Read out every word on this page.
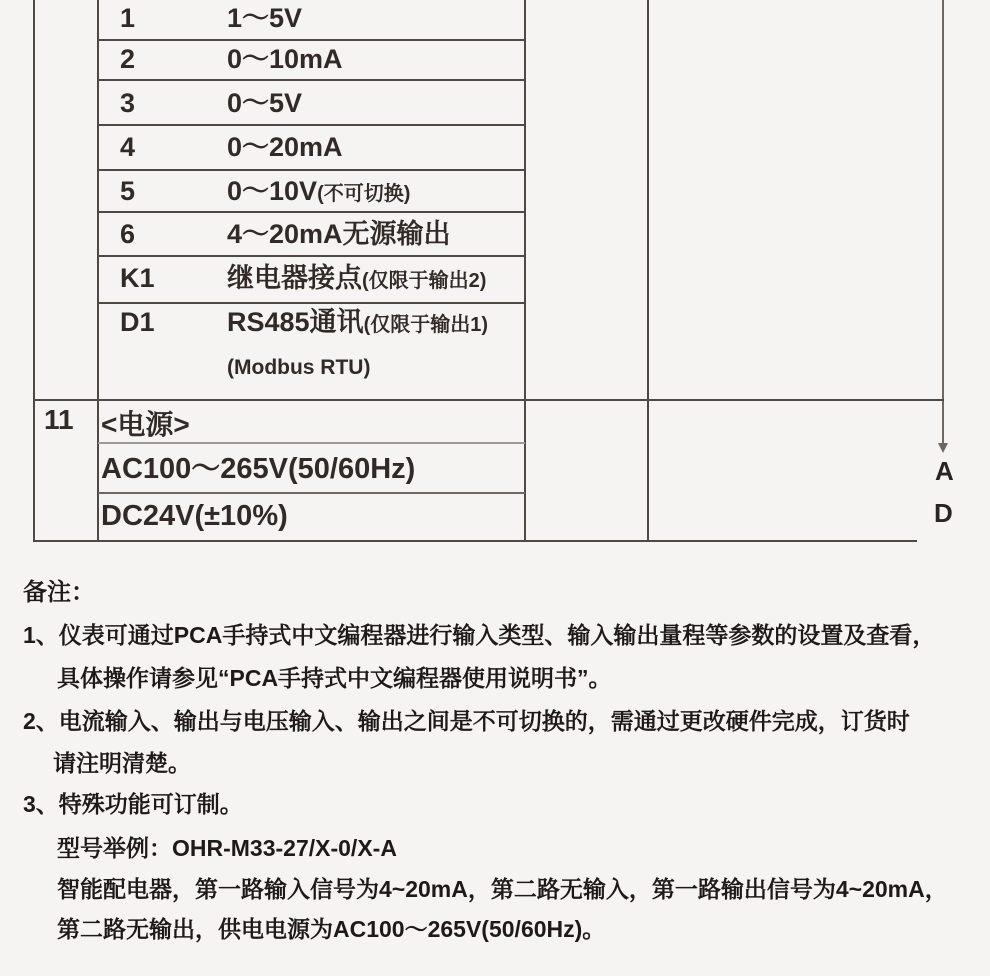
1
2
3
4
5
6
K1
D1
1～5V
0～10mA
0～5V
0～20mA
0～10V(不可切换)
4～20mA无源输出
继电器接点(仅限于输出2)
RS485通讯(仅限于输出1)
(Modbus RTU)
11 <电源>
AC100～265V(50/60Hz)
DC24V(±10%)
A
D
备注：
1、仪表可通过PCA手持式中文编程器进行输入类型、输入输出量程等参数的设置及查看，
具体操作请参见“PCA手持式中文编程器使用说明书”。
2、电流输入、输出与电压输入、输出之间是不可切换的，需通过更改硬件完成，订货时
请注明清楚。
3、特殊功能可订制。
型号举例：OHR-M33-27/X-0/X-A
智能配电器，第一路输入信号为4~20mA，第二路无输入，第一路输出信号为4~20mA，
第二路无输出，供电电源为AC100～265V(50/60Hz)。
